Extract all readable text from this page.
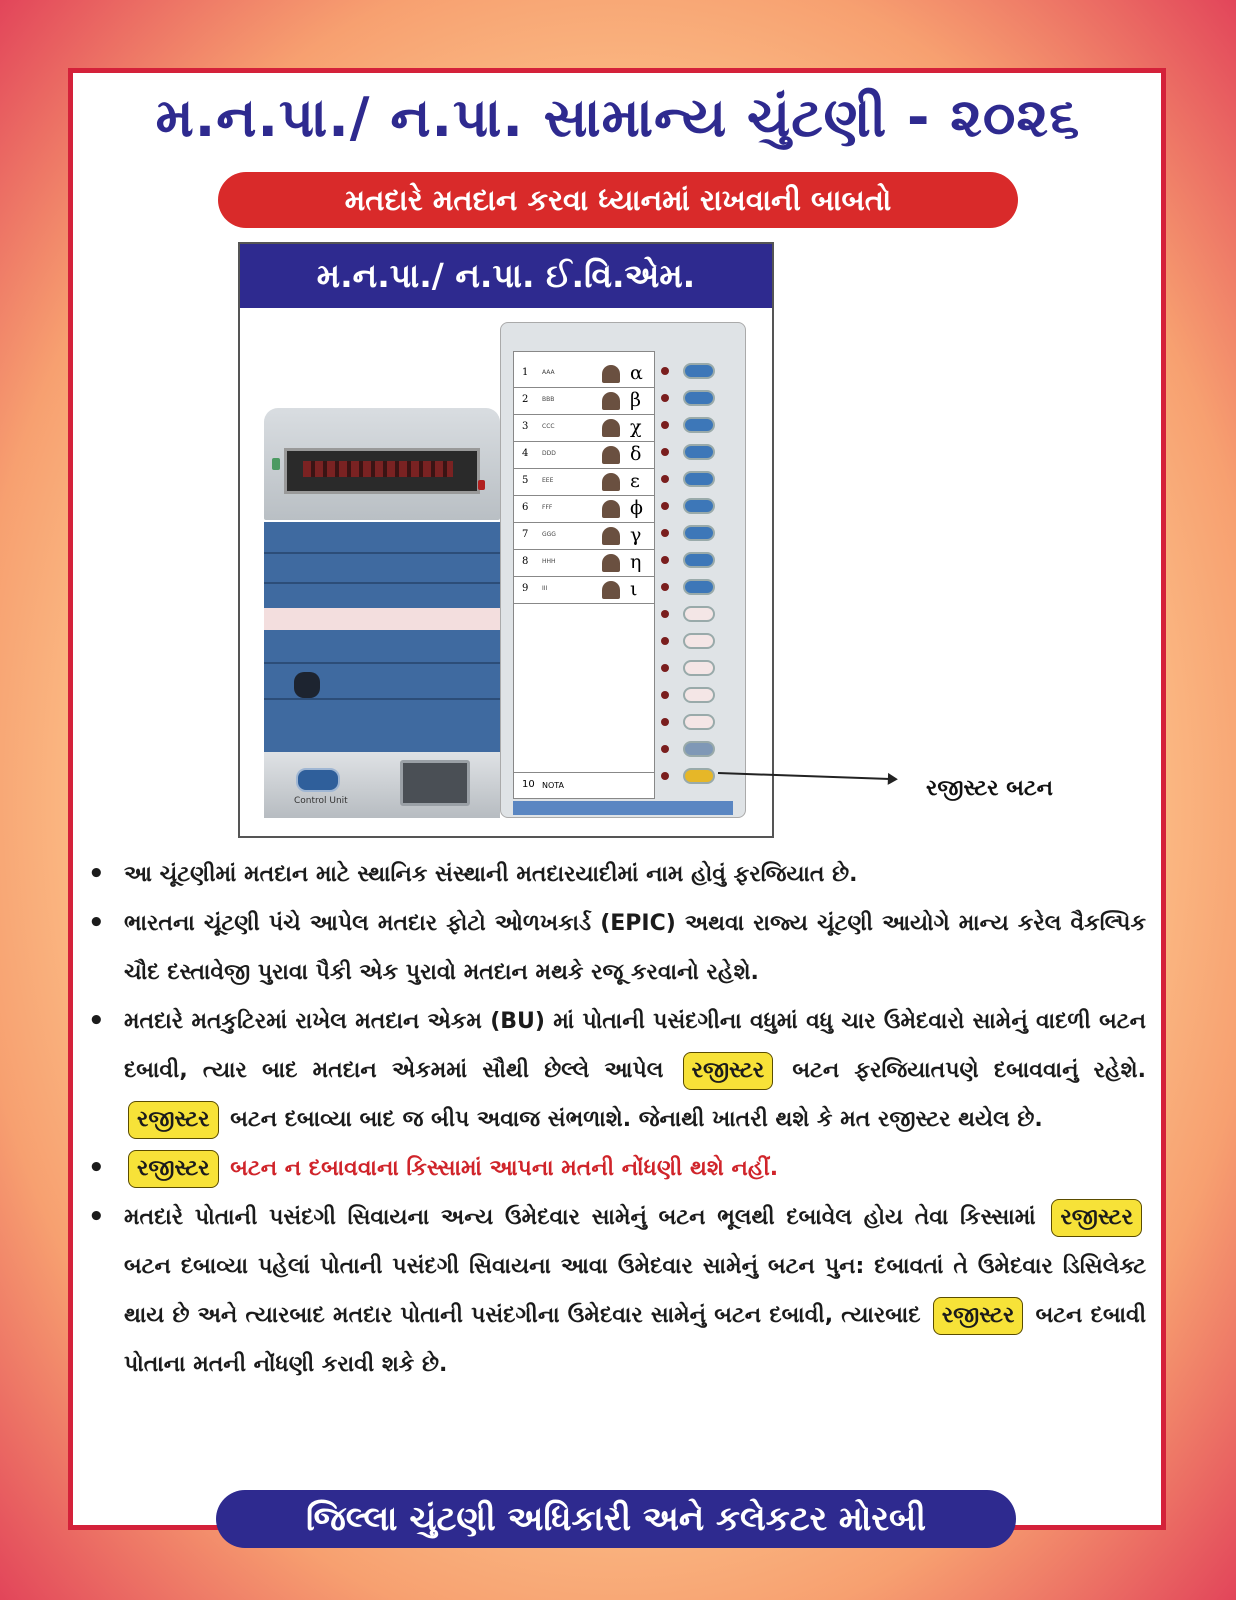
મ.ન.પા./ ન.પા. સામાન્ય ચુંટણી - ૨૦૨૬
મતદારે મતદાન કરવા ધ્યાનમાં રાખવાની બાબતો
મ.ન.પા./ ન.પા. ઈ.વિ.એમ.
Control Unit
10 NOTA
1 AAA	α
2 BBB	β
3 CCC	χ
4 DDD	δ
5 EEE	ε
6 FFF	ϕ
7 GGG	γ
8 HHH	η
9 III	ι
રજીસ્ટર બટન
• આ ચૂંટણીમાં મતદાન માટે સ્થાનિક સંસ્થાની મતદારયાદીમાં નામ હોવું ફરજિયાત છે.
• ભારતના ચૂંટણી પંચે આપેલ મતદાર ફોટો ઓળખકાર્ડ (EPIC) અથવા રાજ્ય ચૂંટણી આયોગે માન્ય કરેલ વૈકલ્પિક ચૌદ દસ્તાવેજી પુરાવા પૈકી એક પુરાવો મતદાન મથકે રજૂ કરવાનો રહેશે.
• મતદારે મતકુટિરમાં રાખેલ મતદાન એકમ (BU) માં પોતાની પસંદગીના વધુમાં વધુ ચાર ઉમેદવારો સામેનું વાદળી બટન દબાવી, ત્યાર બાદ મતદાન એકમમાં સૌથી છેલ્લે આપેલ રજીસ્ટર બટન ફરજિયાતપણે દબાવવાનું રહેશે. રજીસ્ટર બટન દબાવ્યા બાદ જ બીપ અવાજ સંભળાશે. જેનાથી ખાતરી થશે કે મત રજીસ્ટર થયેલ છે.
• રજીસ્ટર બટન ન દબાવવાના કિસ્સામાં આપના મતની નોંધણી થશે નહીં.
• મતદારે પોતાની પસંદગી સિવાયના અન્ય ઉમેદવાર સામેનું બટન ભૂલથી દબાવેલ હોય તેવા કિસ્સામાં રજીસ્ટર બટન દબાવ્યા પહેલાં પોતાની પસંદગી સિવાયના આવા ઉમેદવાર સામેનું બટન પુન: દબાવતાં તે ઉમેદવાર ડિસિલેક્ટ થાય છે અને ત્યારબાદ મતદાર પોતાની પસંદગીના ઉમેદવાર સામેનું બટન દબાવી, ત્યારબાદ રજીસ્ટર બટન દબાવી પોતાના મતની નોંધણી કરાવી શકે છે.
જિલ્લા ચુંટણી અધિકારી અને કલેકટર મોરબી
